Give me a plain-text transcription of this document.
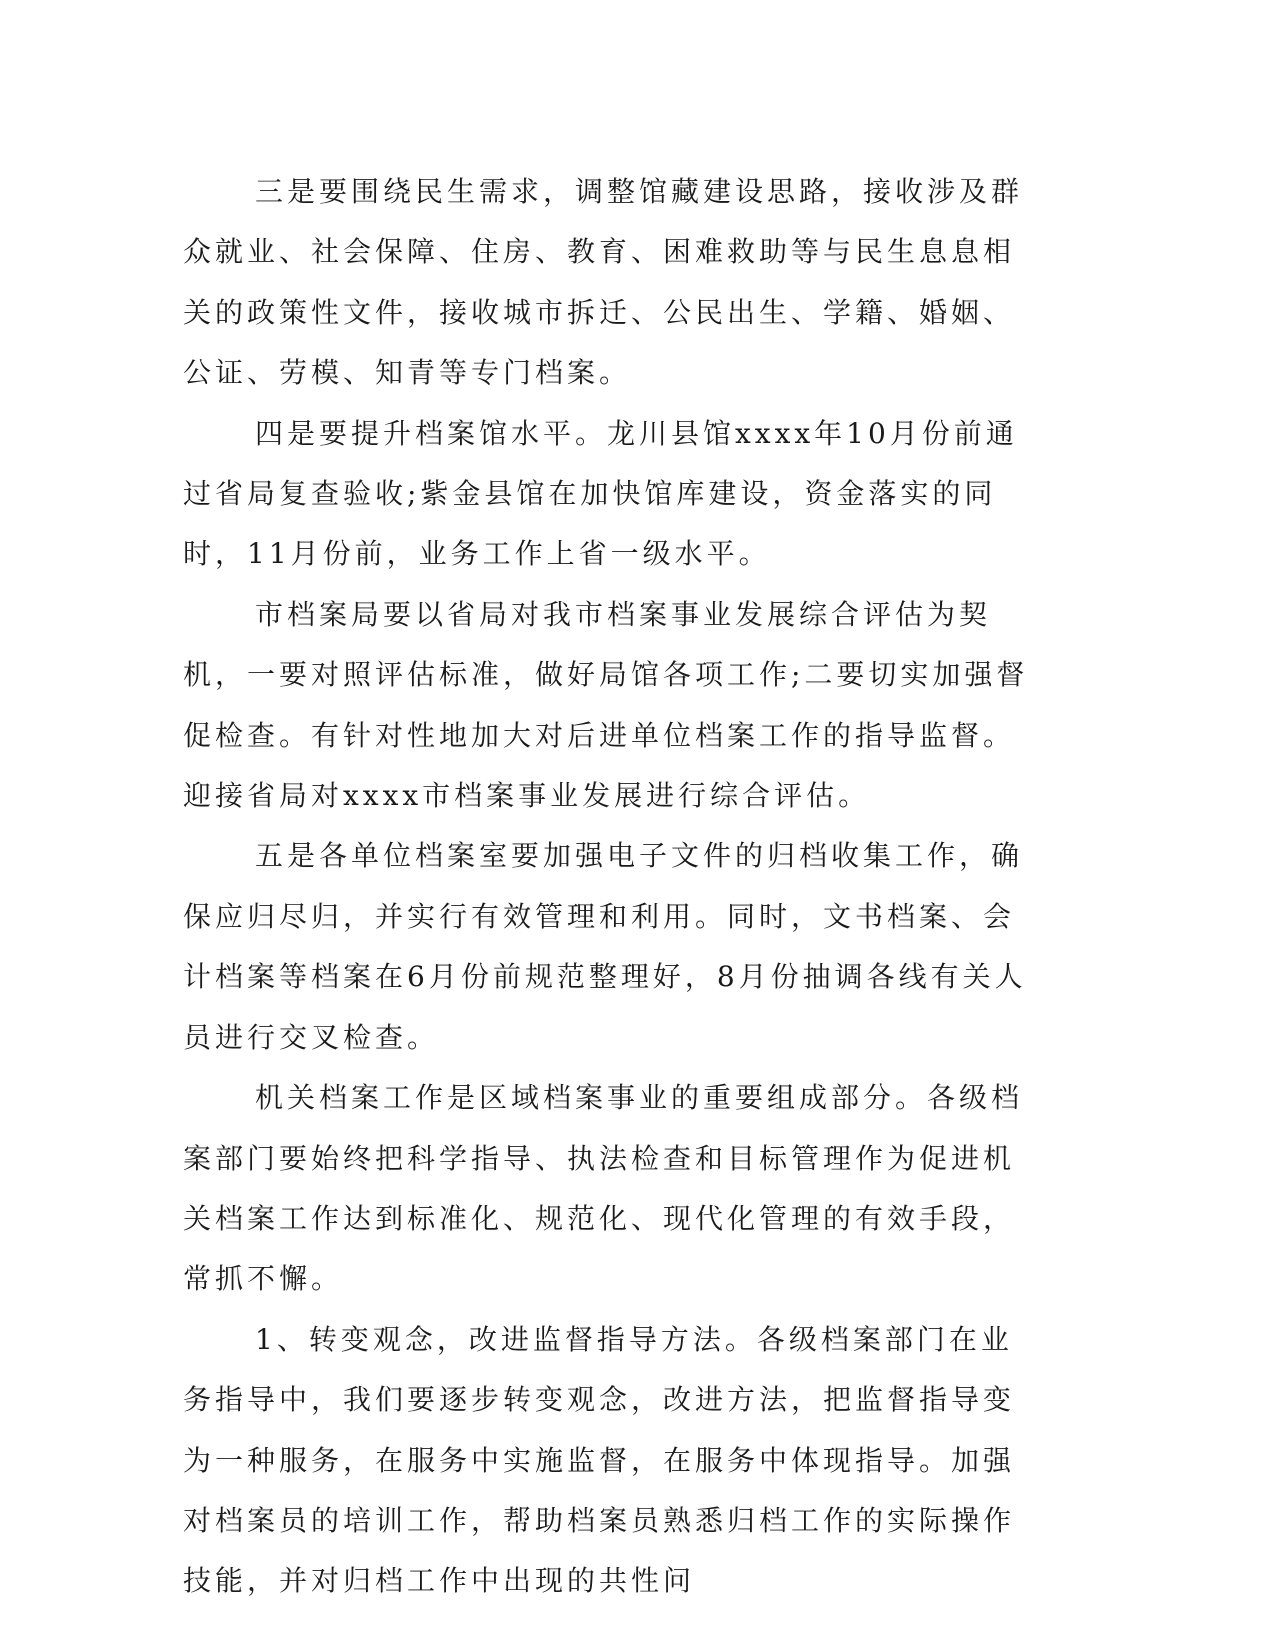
三是要围绕民生需求，调整馆藏建设思路，接收涉及群众就业、社会保障、住房、教育、困难救助等与民生息息相关的政策性文件，接收城市拆迁、公民出生、学籍、婚姻、公证、劳模、知青等专门档案。

四是要提升档案馆水平。龙川县馆xxxx年10月份前通过省局复查验收;紫金县馆在加快馆库建设，资金落实的同时，11月份前，业务工作上省一级水平。

市档案局要以省局对我市档案事业发展综合评估为契机，一要对照评估标准，做好局馆各项工作;二要切实加强督促检查。有针对性地加大对后进单位档案工作的指导监督。迎接省局对xxxx市档案事业发展进行综合评估。

五是各单位档案室要加强电子文件的归档收集工作，确保应归尽归，并实行有效管理和利用。同时，文书档案、会计档案等档案在6月份前规范整理好，8月份抽调各线有关人员进行交叉检查。

机关档案工作是区域档案事业的重要组成部分。各级档案部门要始终把科学指导、执法检查和目标管理作为促进机关档案工作达到标准化、规范化、现代化管理的有效手段，常抓不懈。

1、转变观念，改进监督指导方法。各级档案部门在业务指导中，我们要逐步转变观念，改进方法，把监督指导变为一种服务，在服务中实施监督，在服务中体现指导。加强对档案员的培训工作，帮助档案员熟悉归档工作的实际操作技能，并对归档工作中出现的共性问
